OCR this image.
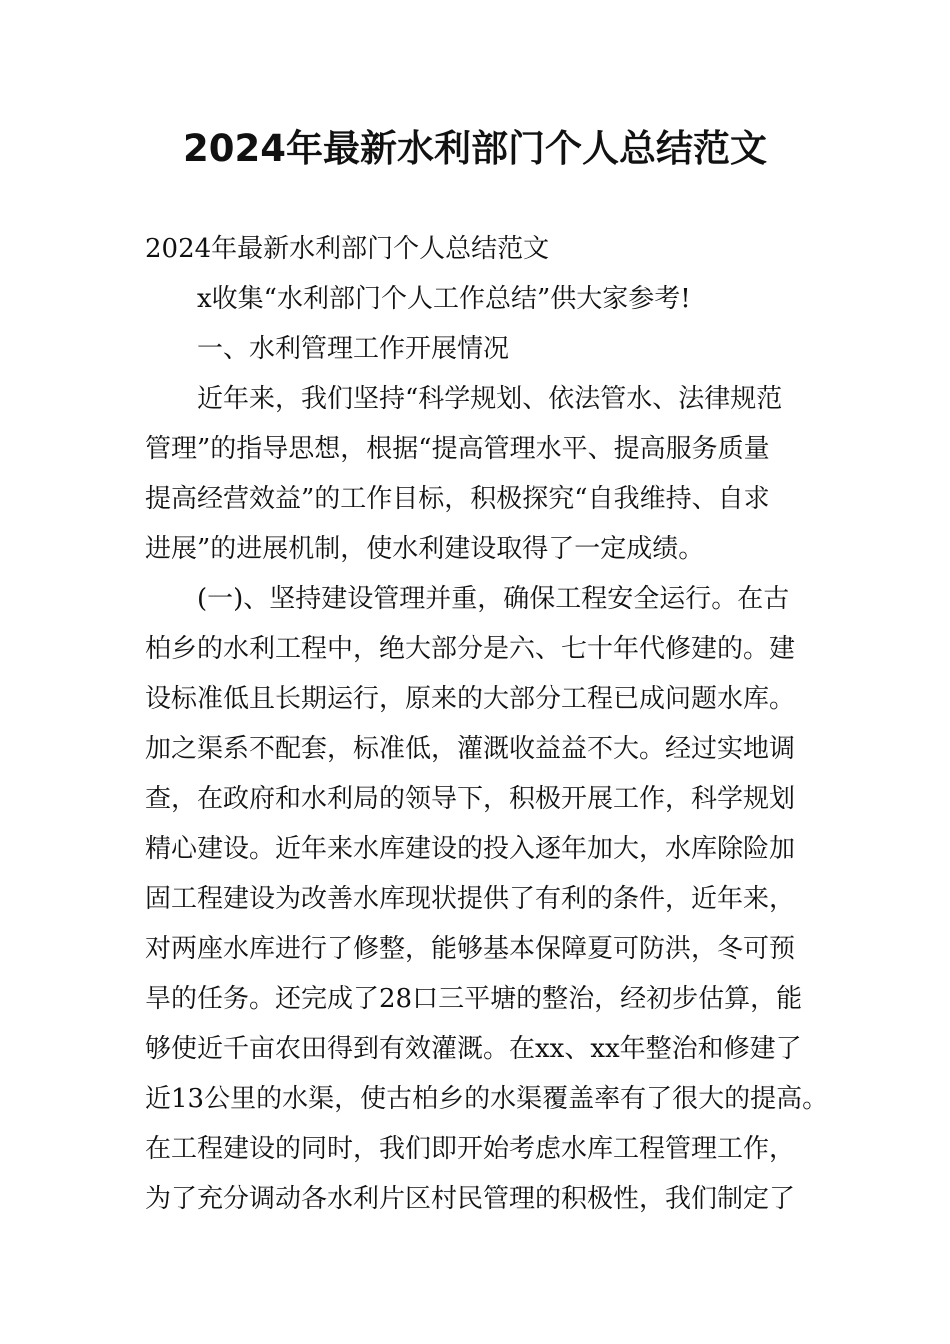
2024年最新水利部门个人总结范文
2024年最新水利部门个人总结范文
x收集“水利部门个人工作总结”供大家参考!
一、水利管理工作开展情况
近年来，我们坚持“科学规划、依法管水、法律规范
管理”的指导思想，根据“提高管理水平、提高服务质量
提高经营效益”的工作目标，积极探究“自我维持、自求
进展”的进展机制，使水利建设取得了一定成绩。
(一)、坚持建设管理并重，确保工程安全运行。在古
柏乡的水利工程中，绝大部分是六、七十年代修建的。建
设标准低且长期运行，原来的大部分工程已成问题水库。
加之渠系不配套，标准低，灌溉收益益不大。经过实地调
查，在政府和水利局的领导下，积极开展工作，科学规划
精心建设。近年来水库建设的投入逐年加大，水库除险加
固工程建设为改善水库现状提供了有利的条件，近年来，
对两座水库进行了修整，能够基本保障夏可防洪，冬可预
旱的任务。还完成了28口三平塘的整治，经初步估算，能
够使近千亩农田得到有效灌溉。在xx、xx年整治和修建了
近13公里的水渠，使古柏乡的水渠覆盖率有了很大的提高。
在工程建设的同时，我们即开始考虑水库工程管理工作，
为了充分调动各水利片区村民管理的积极性，我们制定了
